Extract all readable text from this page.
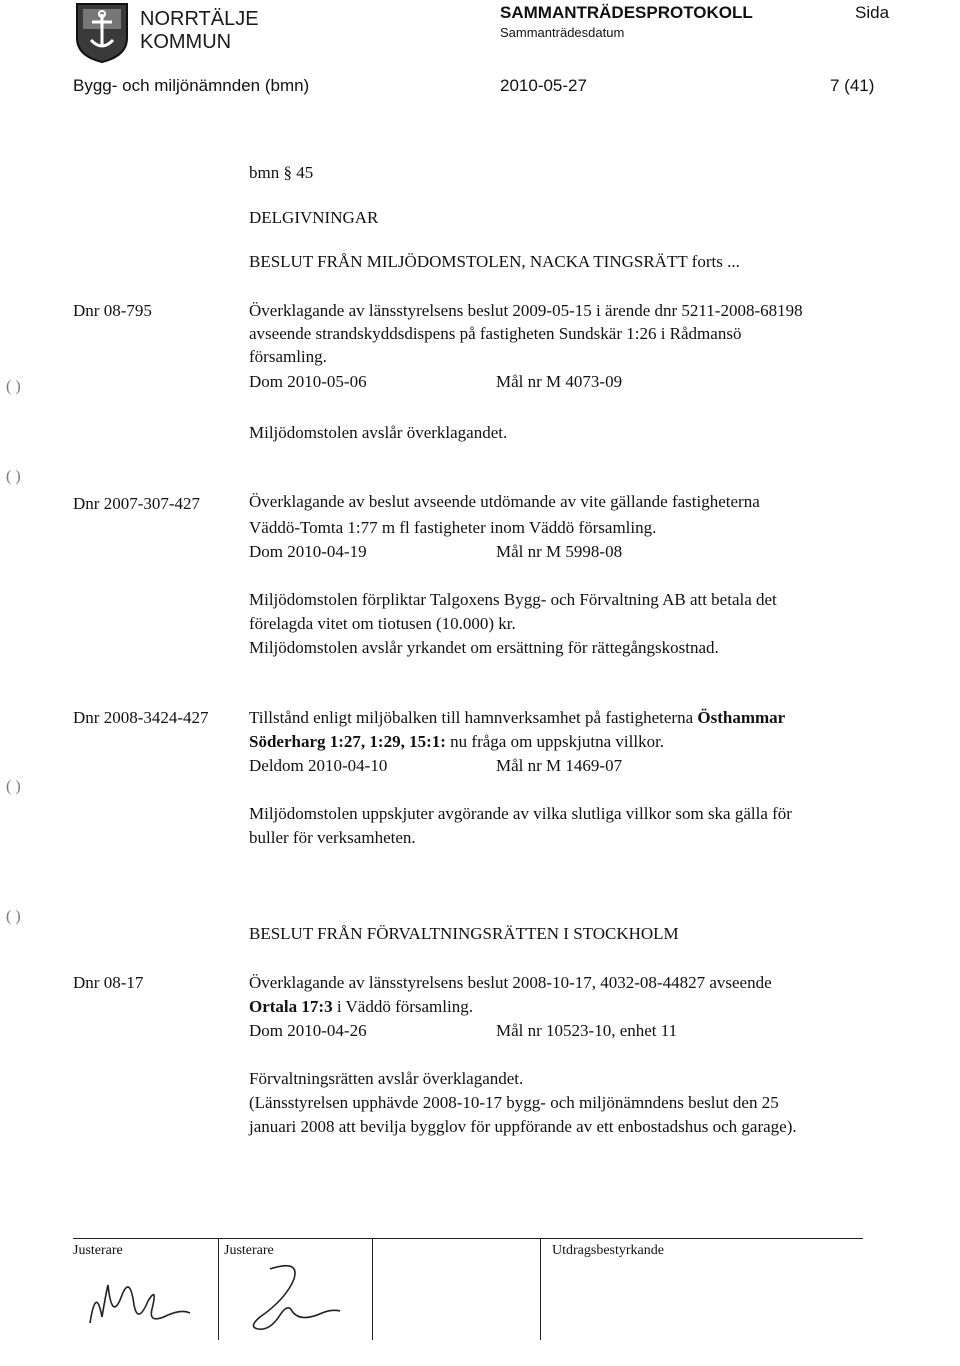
NORRTÄLJE
KOMMUN
SAMMANTRÄDESPROTOKOLL
Sammanträdesdatum
Sida
Bygg- och miljönämnden (bmn)	2010-05-27	7 (41)
bmn § 45
DELGIVNINGAR
BESLUT FRÅN MILJÖDOMSTOLEN, NACKA TINGSRÄTT forts ...
Dnr 08-795	Överklagande av länsstyrelsens beslut 2009-05-15 i ärende dnr 5211-2008-68198
avseende strandskyddsdispens på fastigheten Sundskär 1:26 i Rådmansö
församling.
Dom 2010-05-06	Mål nr M 4073-09
Miljödomstolen avslår överklagandet.
Dnr 2007-307-427	Överklagande av beslut avseende utdömande av vite gällande fastigheterna
Väddö-Tomta 1:77 m fl fastigheter inom Väddö församling.
Dom 2010-04-19	Mål nr M 5998-08
Miljödomstolen förpliktar Talgoxens Bygg- och Förvaltning AB att betala det
förelagda vitet om tiotusen (10.000) kr.
Miljödomstolen avslår yrkandet om ersättning för rättegångskostnad.
Dnr 2008-3424-427 Tillstånd enligt miljöbalken till hamnverksamhet på fastigheterna Östhammar
Söderharg 1:27, 1:29, 15:1: nu fråga om uppskjutna villkor.
Deldom 2010-04-10	Mål nr M 1469-07
Miljödomstolen uppskjuter avgörande av vilka slutliga villkor som ska gälla för
buller för verksamheten.
BESLUT FRÅN FÖRVALTNINGSRÄTTEN I STOCKHOLM
Dnr 08-17	Överklagande av länsstyrelsens beslut 2008-10-17, 4032-08-44827 avseende
Ortala 17:3 i Väddö församling.
Dom 2010-04-26	Mål nr 10523-10, enhet 11
Förvaltningsrätten avslår överklagandet.
(Länsstyrelsen upphävde 2008-10-17 bygg- och miljönämndens beslut den 25
januari 2008 att bevilja bygglov för uppförande av ett enbostadshus och garage).
( )
( )
( )
( )
Justerare	Justerare	Utdragsbestyrkande
